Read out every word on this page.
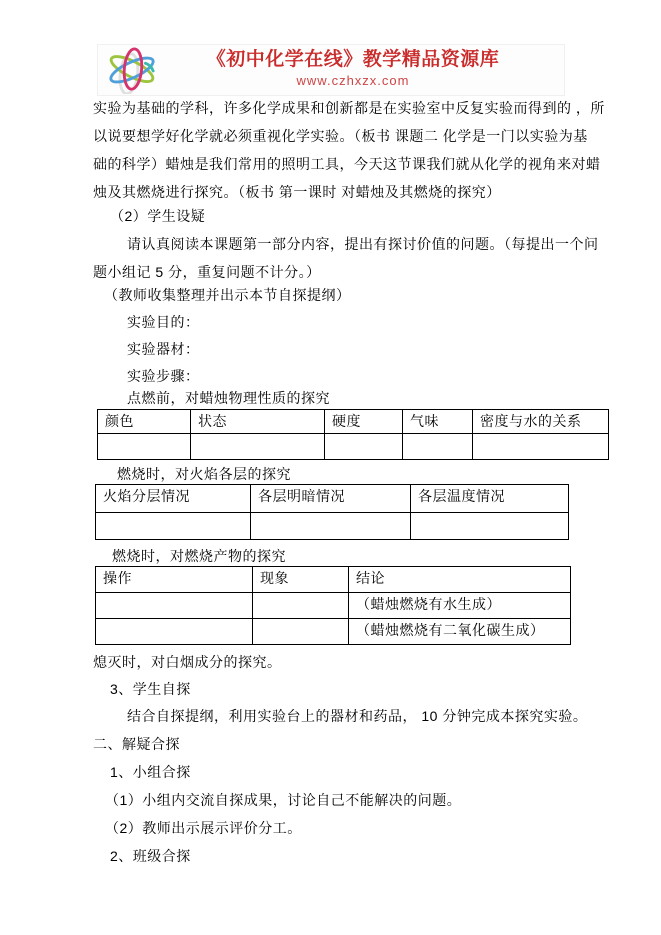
《初中化学在线》教学精品资源库
www.czhxzx.com
实验为基础的学科，许多化学成果和创新都是在实验室中反复实验而得到的 ，所
以说要想学好化学就必须重视化学实验。（板书 课题二 化学是一门以实验为基
础的科学）蜡烛是我们常用的照明工具，今天这节课我们就从化学的视角来对蜡
烛及其燃烧进行探究。（板书 第一课时 对蜡烛及其燃烧的探究）
（2）学生设疑
请认真阅读本课题第一部分内容，提出有探讨价值的问题。（每提出一个问
题小组记 5 分，重复问题不计分。）
（教师收集整理并出示本节自探提纲）
实验目的：
实验器材：
实验步骤：
点燃前，对蜡烛物理性质的探究
颜色	状态	硬度	气味	密度与水的关系

燃烧时，对火焰各层的探究
火焰分层情况	各层明暗情况	各层温度情况

燃烧时，对燃烧产物的探究
操作	现象	结论
		（蜡烛燃烧有水生成）
		（蜡烛燃烧有二氧化碳生成）
熄灭时，对白烟成分的探究。
3、学生自探
结合自探提纲，利用实验台上的器材和药品， 10 分钟完成本探究实验。
二、解疑合探
1、小组合探
（1）小组内交流自探成果，讨论自己不能解决的问题。
（2）教师出示展示评价分工。
2、班级合探
